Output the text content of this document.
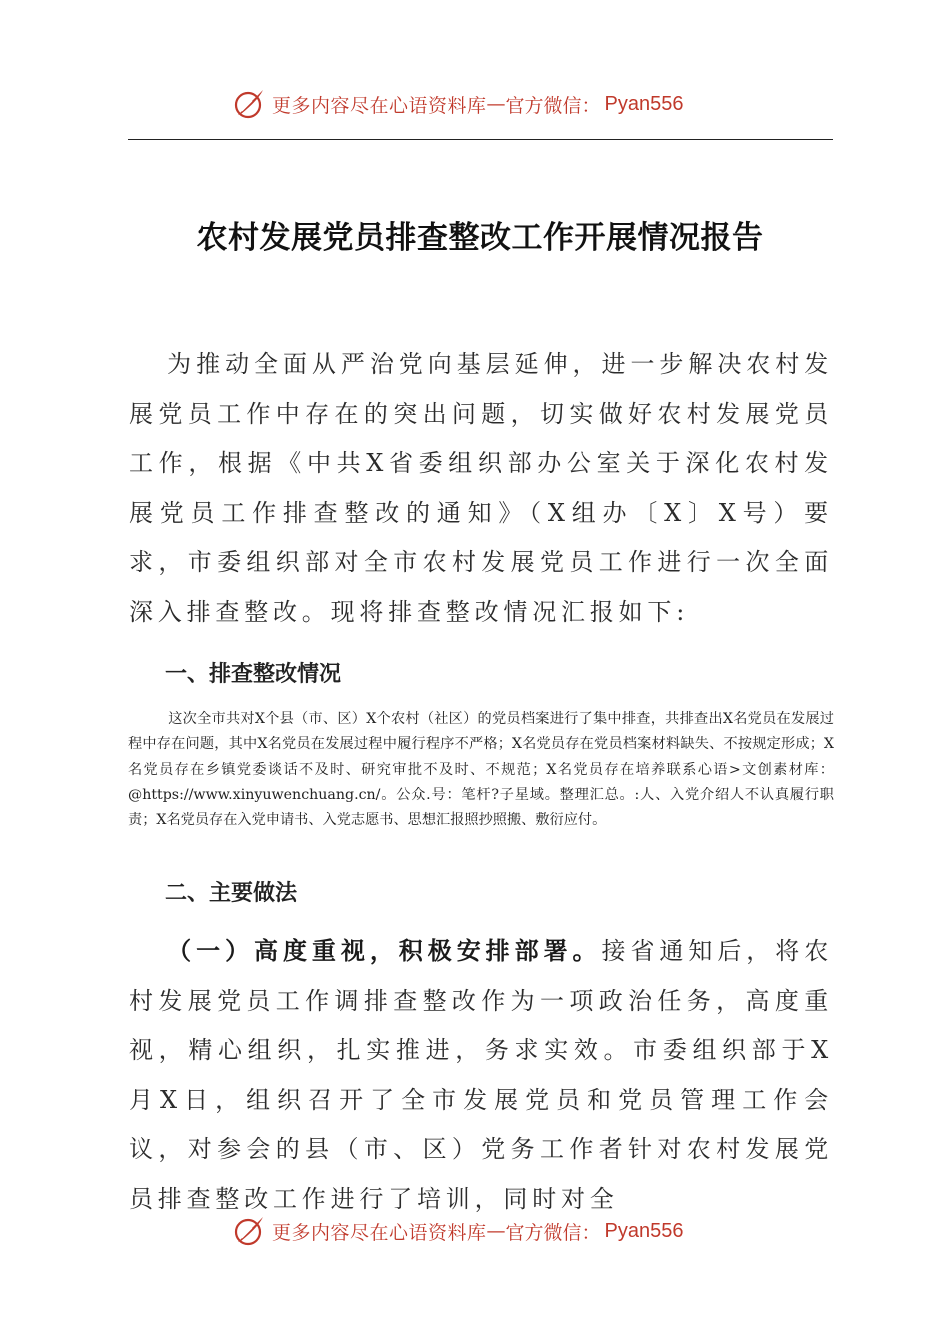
更多内容尽在心语资料库 — 官方微信： Pyan556
农村发展党员排查整改工作开展情况报告

为推动全面从严治党向基层延伸，进一步解决农村发展党员工作中存在的突出问题，切实做好农村发展党员工作，根据《中共X省委组织部办公室关于深化农村发展党员工作排查整改的通知》（X组办〔X〕X号）要求，市委组织部对全市农村发展党员工作进行一次全面深入排查整改。现将排查整改情况汇报如下:

一、排查整改情况

这次全市共对X个县（市、区）X个农村（社区）的党员档案进行了集中排查，共排查出X名党员在发展过程中存在问题，其中X名党员在发展过程中履行程序不严格；X名党员存在党员档案材料缺失、不按规定形成；X名党员存在乡镇党委谈话不及时、研究审批不及时、不规范；X名党员存在培养联系心语>文创素材库：@https://www.xinyuwenchuang.cn/。公众.号：笔杆?子星域。整理汇总。:人、入党介绍人不认真履行职责；X名党员存在入党申请书、入党志愿书、思想汇报照抄照搬、敷衍应付。

二、主要做法

（一）高度重视，积极安排部署。接省通知后，将农村发展党员工作调排查整改作为一项政治任务，高度重视，精心组织，扎实推进，务求实效。市委组织部于X月X日，组织召开了全市发展党员和党员管理工作会议，对参会的县（市、区）党务工作者针对农村发展党员排查整改工作进行了培训，同时对全

更多内容尽在心语资料库 — 官方微信： Pyan556
